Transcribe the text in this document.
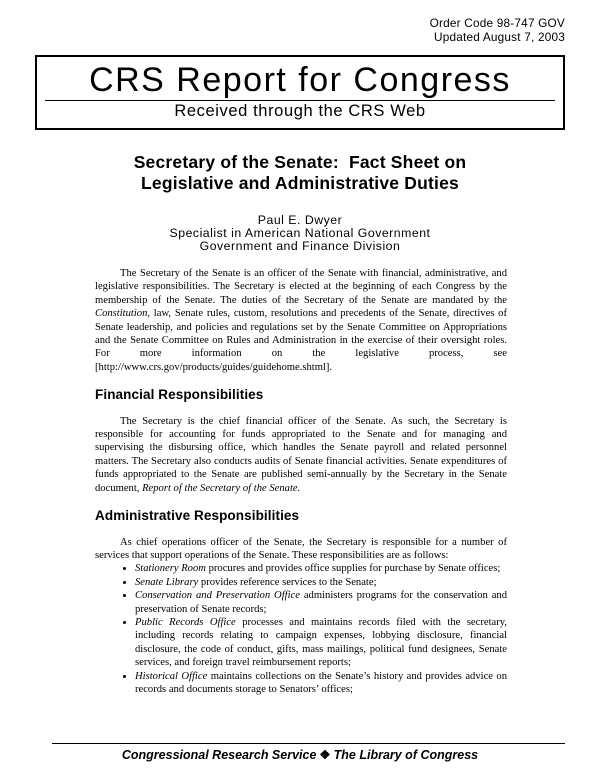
Order Code 98-747 GOV
Updated August 7, 2003
CRS Report for Congress
Received through the CRS Web
Secretary of the Senate:  Fact Sheet on
Legislative and Administrative Duties
Paul E. Dwyer
Specialist in American National Government
Government and Finance Division

The Secretary of the Senate is an officer of the Senate with financial, administrative, and legislative responsibilities. The Secretary is elected at the beginning of each Congress by the membership of the Senate. The duties of the Secretary of the Senate are mandated by the Constitution, law, Senate rules, custom, resolutions and precedents of the Senate, directives of Senate leadership, and policies and regulations set by the Senate Committee on Appropriations and the Senate Committee on Rules and Administration in the exercise of their oversight roles. For more information on the legislative process, see [http://www.crs.gov/products/guides/guidehome.shtml].

Financial Responsibilities

The Secretary is the chief financial officer of the Senate. As such, the Secretary is responsible for accounting for funds appropriated to the Senate and for managing and supervising the disbursing office, which handles the Senate payroll and related personnel matters. The Secretary also conducts audits of Senate financial activities. Senate expenditures of funds appropriated to the Senate are published semi-annually by the Secretary in the Senate document, Report of the Secretary of the Senate.

Administrative Responsibilities

As chief operations officer of the Senate, the Secretary is responsible for a number of services that support operations of the Senate. These responsibilities are as follows:

• Stationery Room procures and provides office supplies for purchase by Senate offices;
• Senate Library provides reference services to the Senate;
• Conservation and Preservation Office administers programs for the conservation and preservation of Senate records;
• Public Records Office processes and maintains records filed with the secretary, including records relating to campaign expenses, lobbying disclosure, financial disclosure, the code of conduct, gifts, mass mailings, political fund designees, Senate services, and foreign travel reimbursement reports;
• Historical Office maintains collections on the Senate’s history and provides advice on records and documents storage to Senators’ offices;
Congressional Research Service ❖ The Library of Congress
